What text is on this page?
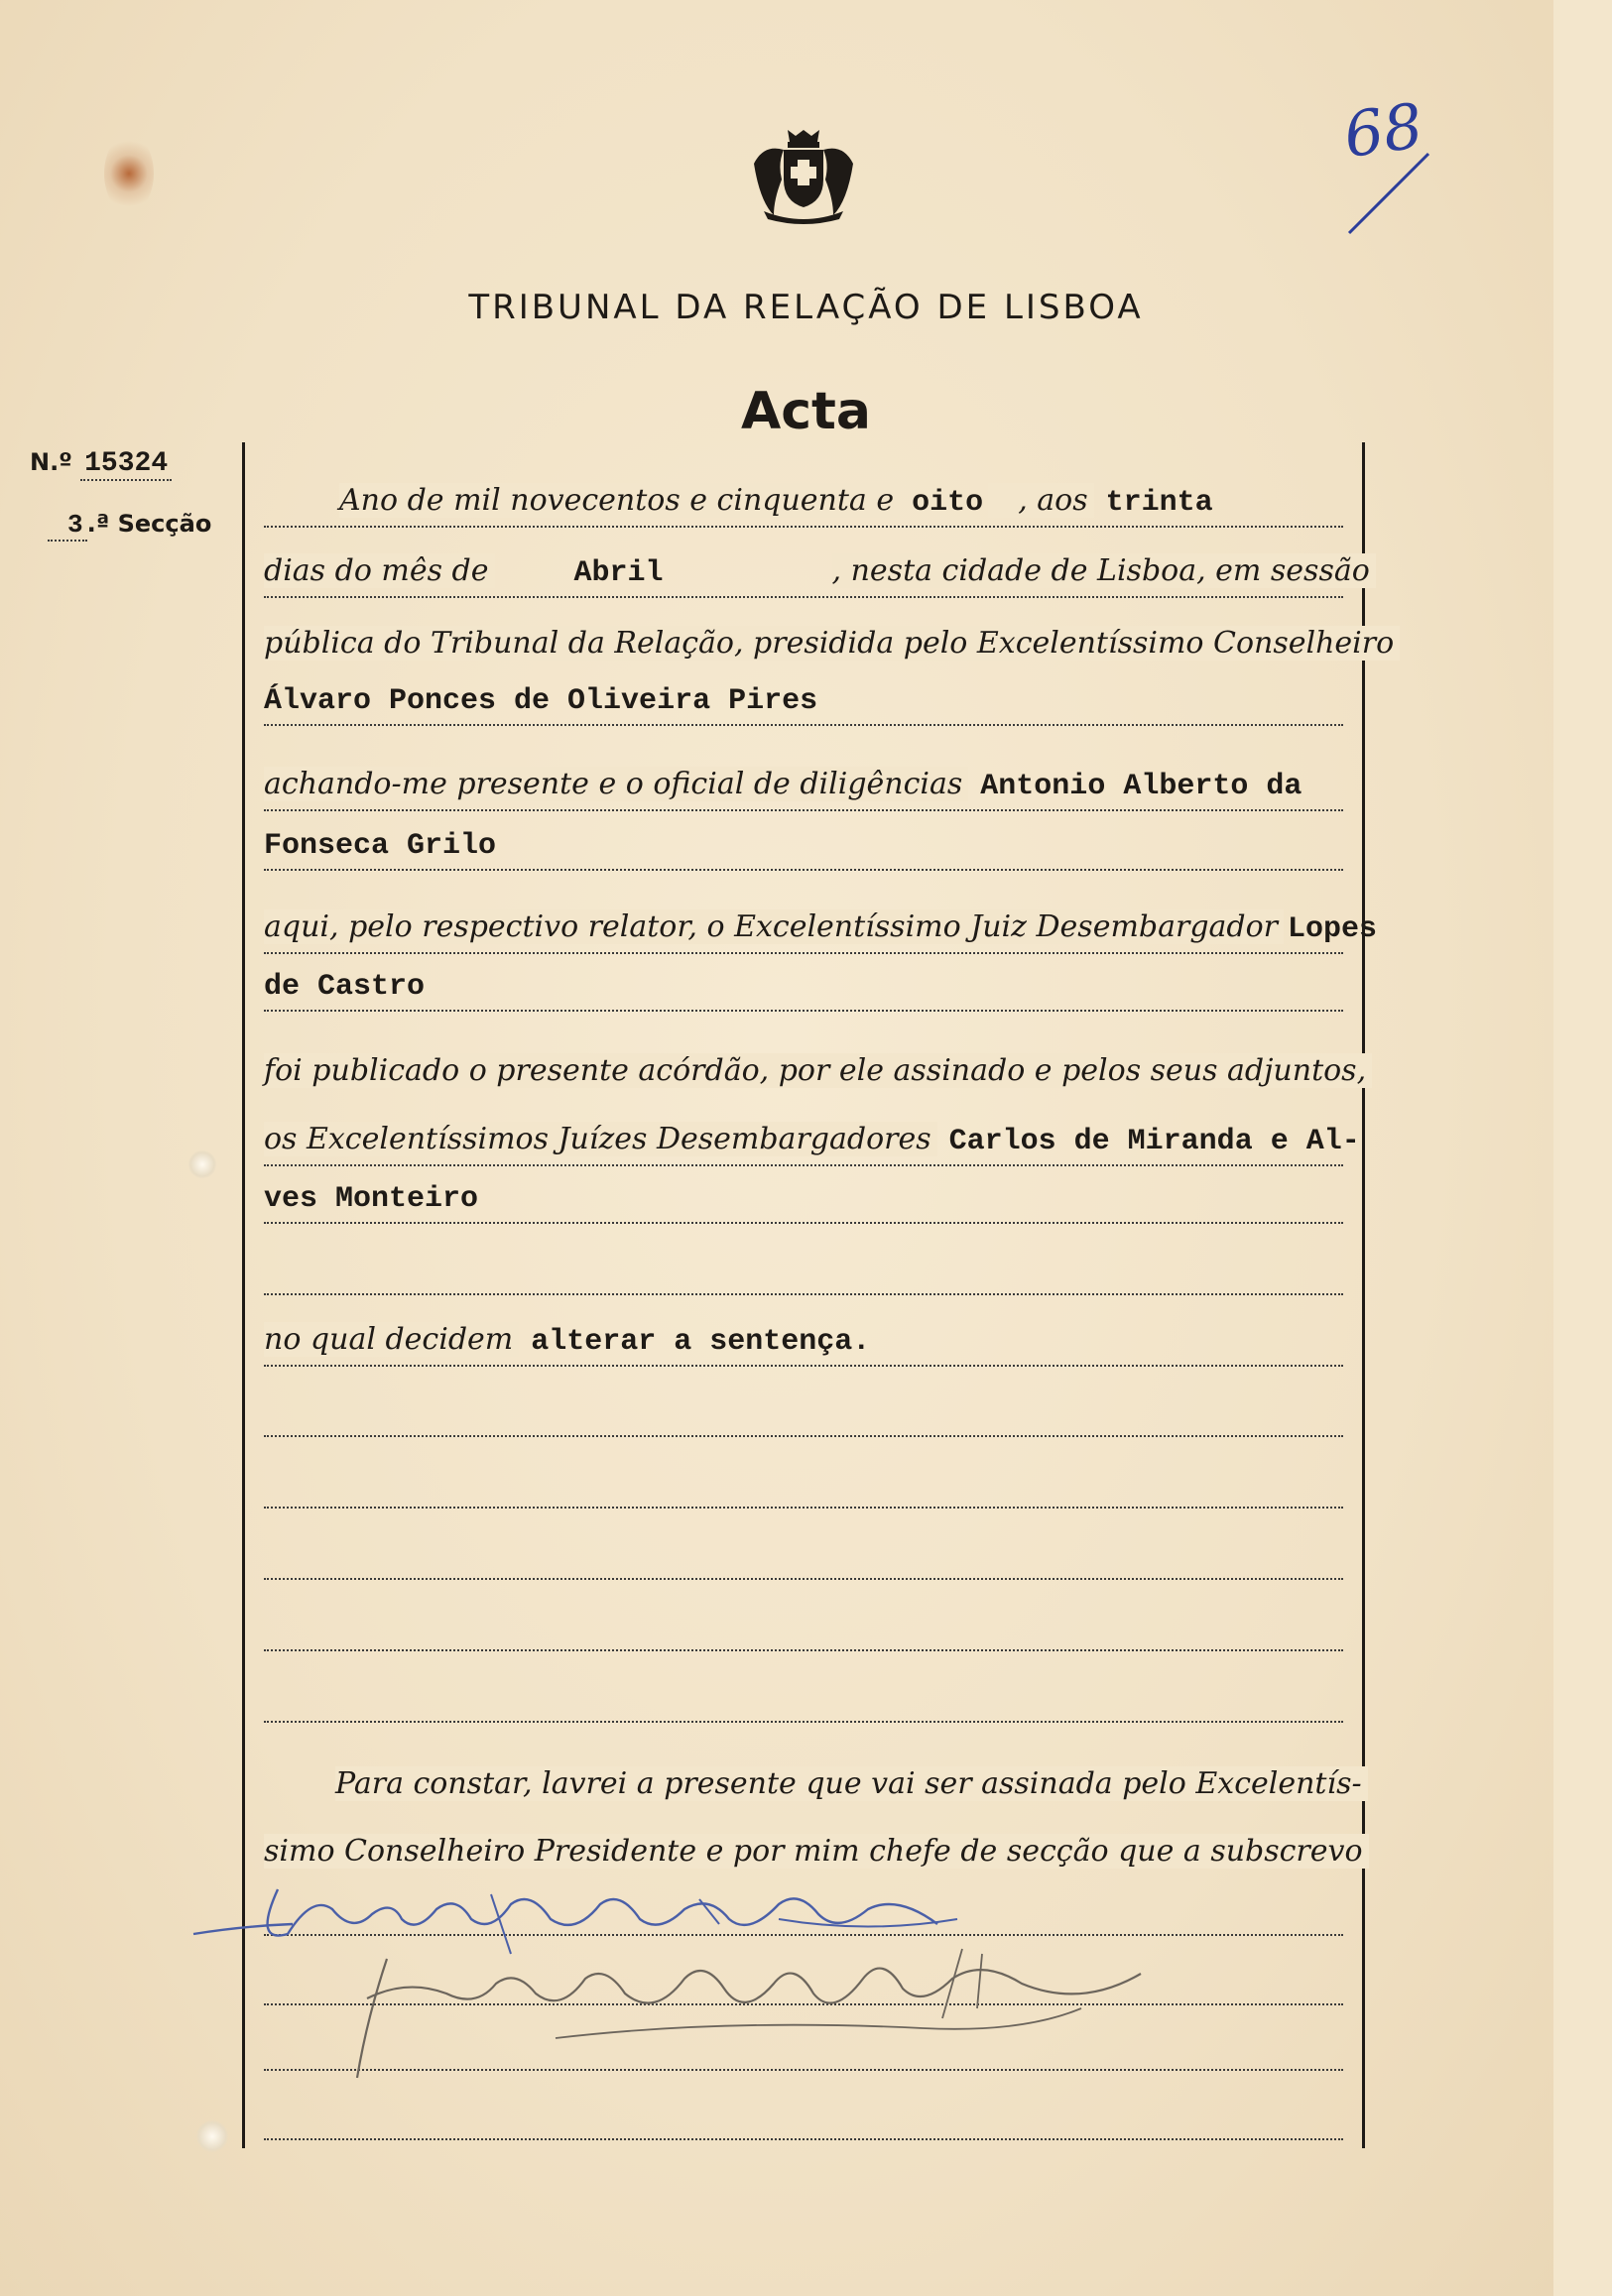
68
TRIBUNAL DA RELAÇÃO DE LISBOA
Acta
N.º 15324
3 .ª Secção
Ano de mil novecentos e cinquenta e oito , aos trinta
dias do mês de	Abril	, nesta cidade de Lisboa, em sessão
pública do Tribunal da Relação, presidida pelo Excelentíssimo Conselheiro
Álvaro Ponces de Oliveira Pires
achando-me presente e o oficial de diligências Antonio Alberto da
Fonseca Grilo
aqui, pelo respectivo relator, o Excelentíssimo Juiz Desembargador Lopes
de Castro
foi publicado o presente acórdão, por ele assinado e pelos seus adjuntos,
os Excelentíssimos Juízes Desembargadores Carlos de Miranda e Al-
ves Monteiro
no qual decidem alterar a sentença.
Para constar, lavrei a presente que vai ser assinada pelo Excelentís-
simo Conselheiro Presidente e por mim chefe de secção que a subscrevo
